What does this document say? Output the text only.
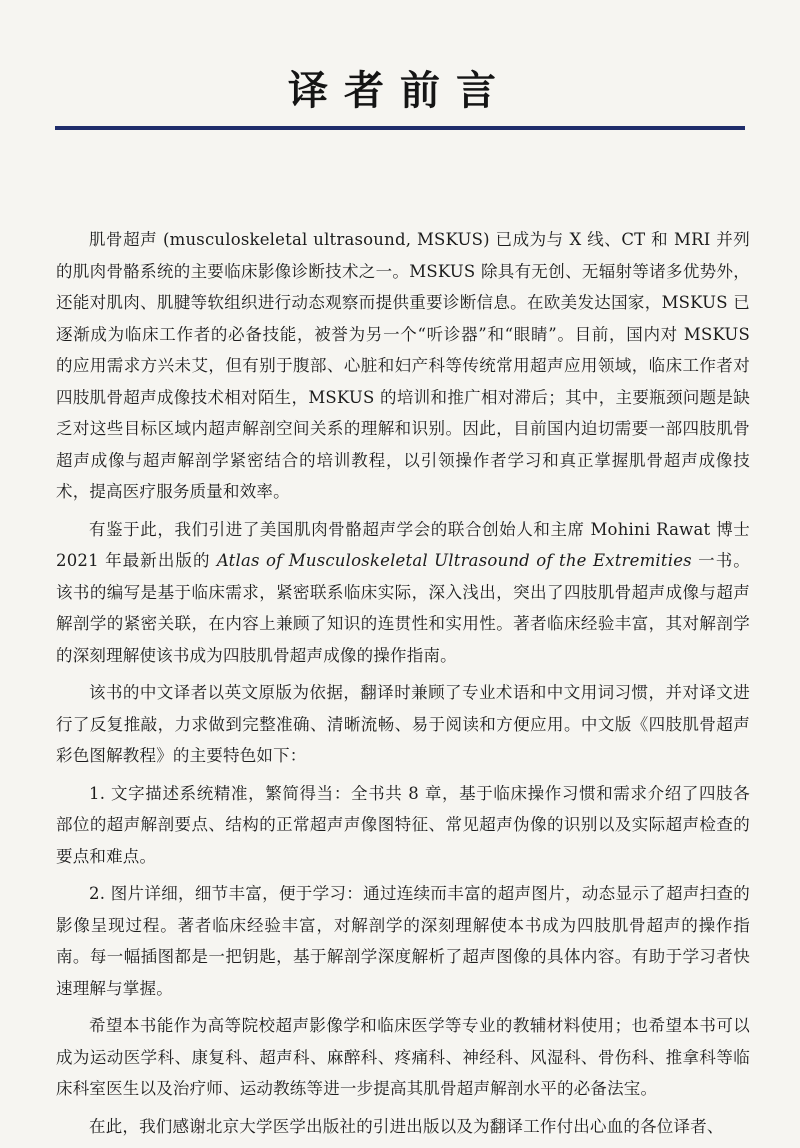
译者前言

肌骨超声 (musculoskeletal ultrasound, MSKUS) 已成为与 X 线、CT 和 MRI 并列的肌肉骨骼系统的主要临床影像诊断技术之一。MSKUS 除具有无创、无辐射等诸多优势外，还能对肌肉、肌腱等软组织进行动态观察而提供重要诊断信息。在欧美发达国家，MSKUS 已逐渐成为临床工作者的必备技能，被誉为另一个“听诊器”和“眼睛”。目前，国内对 MSKUS 的应用需求方兴未艾，但有别于腹部、心脏和妇产科等传统常用超声应用领域，临床工作者对四肢肌骨超声成像技术相对陌生，MSKUS 的培训和推广相对滞后；其中，主要瓶颈问题是缺乏对这些目标区域内超声解剖空间关系的理解和识别。因此，目前国内迫切需要一部四肢肌骨超声成像与超声解剖学紧密结合的培训教程，以引领操作者学习和真正掌握肌骨超声成像技术，提高医疗服务质量和效率。

有鉴于此，我们引进了美国肌肉骨骼超声学会的联合创始人和主席 Mohini Rawat 博士 2021 年最新出版的 Atlas of Musculoskeletal Ultrasound of the Extremities 一书。该书的编写是基于临床需求，紧密联系临床实际，深入浅出，突出了四肢肌骨超声成像与超声解剖学的紧密关联，在内容上兼顾了知识的连贯性和实用性。著者临床经验丰富，其对解剖学的深刻理解使该书成为四肢肌骨超声成像的操作指南。

该书的中文译者以英文原版为依据，翻译时兼顾了专业术语和中文用词习惯，并对译文进行了反复推敲，力求做到完整准确、清晰流畅、易于阅读和方便应用。中文版《四肢肌骨超声彩色图解教程》的主要特色如下：

1. 文字描述系统精准，繁简得当：全书共 8 章，基于临床操作习惯和需求介绍了四肢各部位的超声解剖要点、结构的正常超声声像图特征、常见超声伪像的识别以及实际超声检查的要点和难点。

2. 图片详细，细节丰富，便于学习：通过连续而丰富的超声图片，动态显示了超声扫查的影像呈现过程。著者临床经验丰富，对解剖学的深刻理解使本书成为四肢肌骨超声的操作指南。每一幅插图都是一把钥匙，基于解剖学深度解析了超声图像的具体内容。有助于学习者快速理解与掌握。

希望本书能作为高等院校超声影像学和临床医学等专业的教辅材料使用；也希望本书可以成为运动医学科、康复科、超声科、麻醉科、疼痛科、神经科、风湿科、骨伤科、推拿科等临床科室医生以及治疗师、运动教练等进一步提高其肌骨超声解剖水平的必备法宝。

在此，我们感谢北京大学医学出版社的引进出版以及为翻译工作付出心血的各位译者、
